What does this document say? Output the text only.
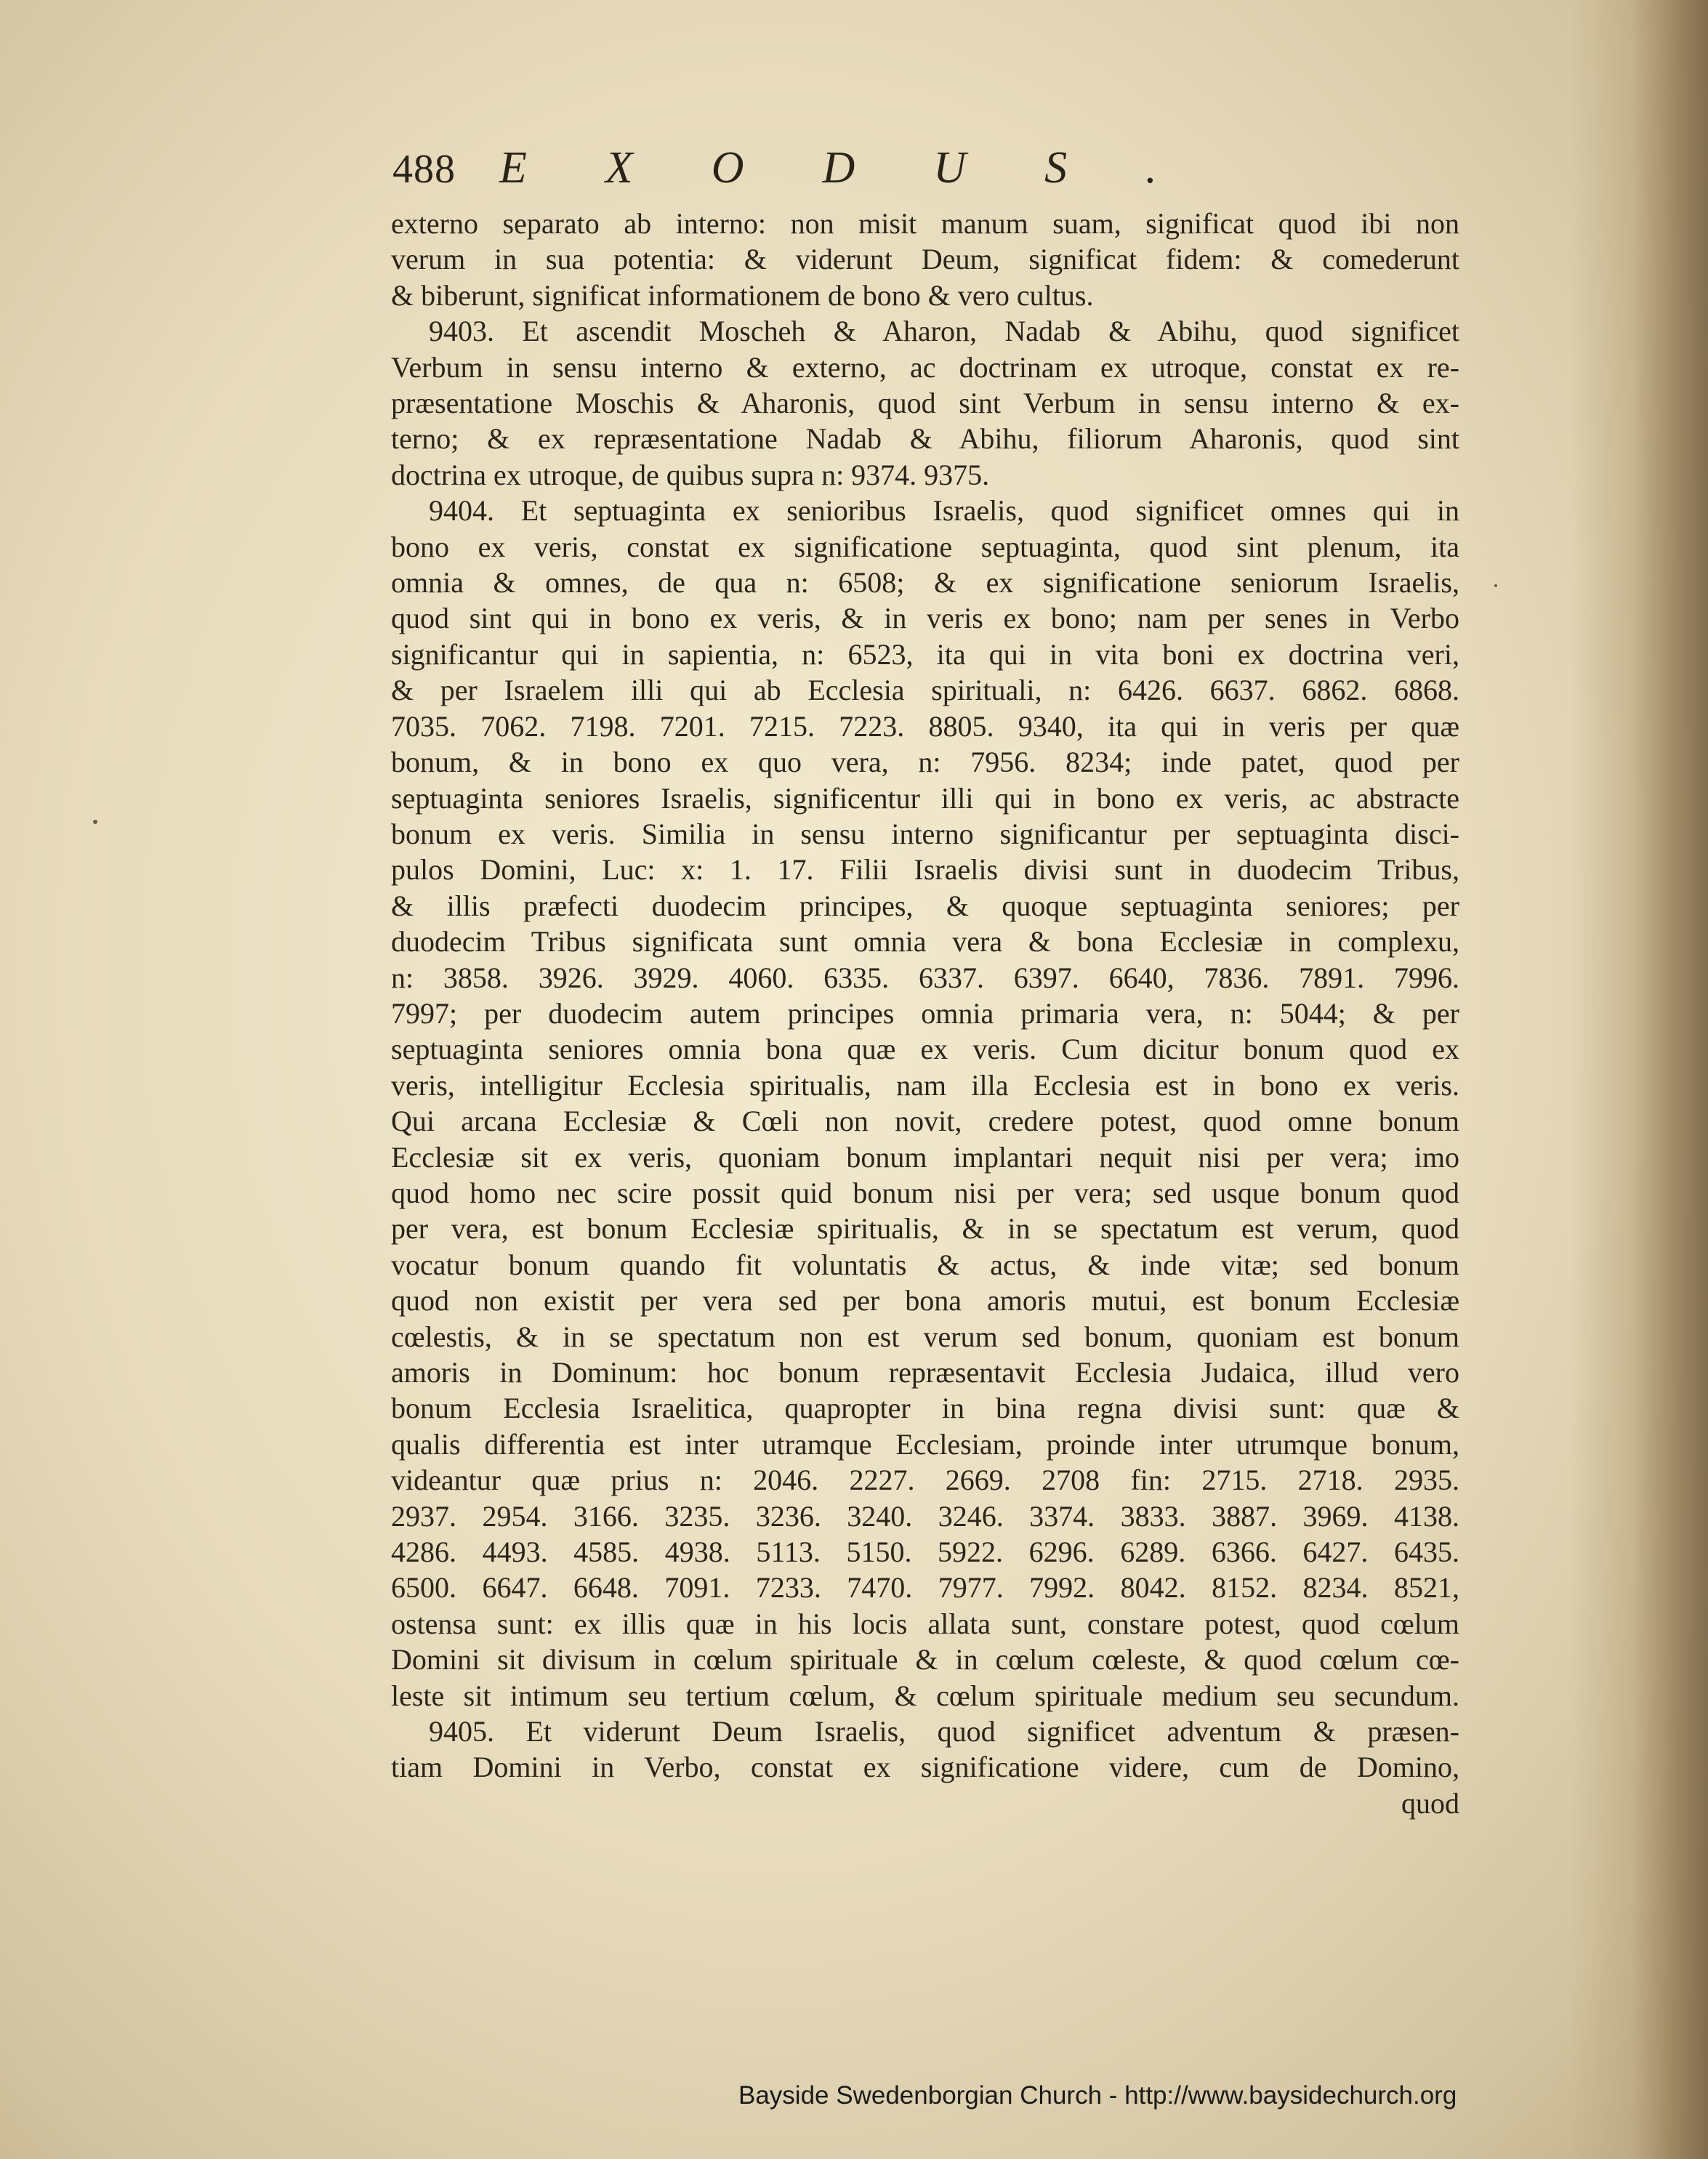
488 EXODUS.
externo separato ab interno: non misit manum suam, significat quod ibi non
verum in sua potentia: & viderunt Deum, significat fidem: & comederunt
& biberunt, significat informationem de bono & vero cultus.
9403. Et ascendit Moscheh & Aharon, Nadab & Abihu, quod significet
Verbum in sensu interno & externo, ac doctrinam ex utroque, constat ex re-
præsentatione Moschis & Aharonis, quod sint Verbum in sensu interno & ex-
terno; & ex repræsentatione Nadab & Abihu, filiorum Aharonis, quod sint
doctrina ex utroque, de quibus supra n: 9374. 9375.
9404. Et septuaginta ex senioribus Israelis, quod significet omnes qui in
bono ex veris, constat ex significatione septuaginta, quod sint plenum, ita
omnia & omnes, de qua n: 6508; & ex significatione seniorum Israelis,
quod sint qui in bono ex veris, & in veris ex bono; nam per senes in Verbo
significantur qui in sapientia, n: 6523, ita qui in vita boni ex doctrina veri,
& per Israelem illi qui ab Ecclesia spirituali, n: 6426. 6637. 6862. 6868.
7035. 7062. 7198. 7201. 7215. 7223. 8805. 9340, ita qui in veris per quæ
bonum, & in bono ex quo vera, n: 7956. 8234; inde patet, quod per
septuaginta seniores Israelis, significentur illi qui in bono ex veris, ac abstracte
bonum ex veris. Similia in sensu interno significantur per septuaginta disci-
pulos Domini, Luc: x: 1. 17. Filii Israelis divisi sunt in duodecim Tribus,
& illis præfecti duodecim principes, & quoque septuaginta seniores; per
duodecim Tribus significata sunt omnia vera & bona Ecclesiæ in complexu,
n: 3858. 3926. 3929. 4060. 6335. 6337. 6397. 6640, 7836. 7891. 7996.
7997; per duodecim autem principes omnia primaria vera, n: 5044; & per
septuaginta seniores omnia bona quæ ex veris. Cum dicitur bonum quod ex
veris, intelligitur Ecclesia spiritualis, nam illa Ecclesia est in bono ex veris.
Qui arcana Ecclesiæ & Cœli non novit, credere potest, quod omne bonum
Ecclesiæ sit ex veris, quoniam bonum implantari nequit nisi per vera; imo
quod homo nec scire possit quid bonum nisi per vera; sed usque bonum quod
per vera, est bonum Ecclesiæ spiritualis, & in se spectatum est verum, quod
vocatur bonum quando fit voluntatis & actus, & inde vitæ; sed bonum
quod non existit per vera sed per bona amoris mutui, est bonum Ecclesiæ
cœlestis, & in se spectatum non est verum sed bonum, quoniam est bonum
amoris in Dominum: hoc bonum repræsentavit Ecclesia Judaica, illud vero
bonum Ecclesia Israelitica, quapropter in bina regna divisi sunt: quæ &
qualis differentia est inter utramque Ecclesiam, proinde inter utrumque bonum,
videantur quæ prius n: 2046. 2227. 2669. 2708 fin: 2715. 2718. 2935.
2937. 2954. 3166. 3235. 3236. 3240. 3246. 3374. 3833. 3887. 3969. 4138.
4286. 4493. 4585. 4938. 5113. 5150. 5922. 6296. 6289. 6366. 6427. 6435.
6500. 6647. 6648. 7091. 7233. 7470. 7977. 7992. 8042. 8152. 8234. 8521,
ostensa sunt: ex illis quæ in his locis allata sunt, constare potest, quod cœlum
Domini sit divisum in cœlum spirituale & in cœlum cœleste, & quod cœlum cœ-
leste sit intimum seu tertium cœlum, & cœlum spirituale medium seu secundum.
9405. Et viderunt Deum Israelis, quod significet adventum & præsen-
tiam Domini in Verbo, constat ex significatione videre, cum de Domino,
quod
Bayside Swedenborgian Church - http://www.baysidechurch.org
